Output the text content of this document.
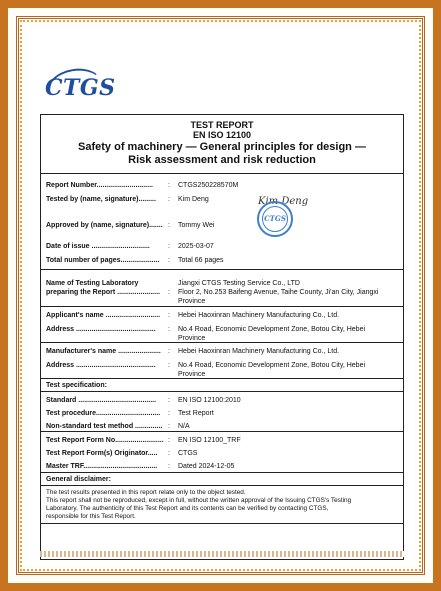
CTGS
TEST REPORT
EN ISO 12100
Safety of machinery — General principles for design —
Risk assessment and risk reduction
Report Number............................. : CTGS250228570M
Tested by (name, signature)......... : Kim Deng
Approved by (name, signature)....... : Tommy Wei
Date of issue ..............................	: 2025-03-07
Total number of pages.................... : Total 66 pages
Kim Deng
CTGS
Name of Testing Laboratory	Jiangxi CTGS Testing Service Co., LTD
preparing the Report ...................... : Floor 2, No.253 Baifeng Avenue, Taihe County, Ji'an City, Jiangxi
Province
Applicant's name ............................ : Hebei Haoxinran Machinery Manufacturing Co., Ltd.
Address ......................................... : No.4 Road, Economic Development Zone, Botou City, Hebei
Province
Manufacturer's name ...................... : Hebei Haoxinran Machinery Manufacturing Co., Ltd.
Address ......................................... : No.4 Road, Economic Development Zone, Botou City, Hebei
Province
Test specification:
Standard ........................................ : EN ISO 12100:2010
Test procedure................................. : Test Report
Non-standard test method .............. : N/A
Test Report Form No......................... : EN ISO 12100_TRF
Test Report Form(s) Originator..... : CTGS
Master TRF...................................... : Dated 2024-12-05
General disclaimer:
The test results presented in this report relate only to the object tested.
This report shall not be reproduced, except in full, without the written approval of the Issuing CTGS's Testing
Laboratory. The authenticity of this Test Report and its contents can be verified by contacting CTGS,
responsible for this Test Report.
